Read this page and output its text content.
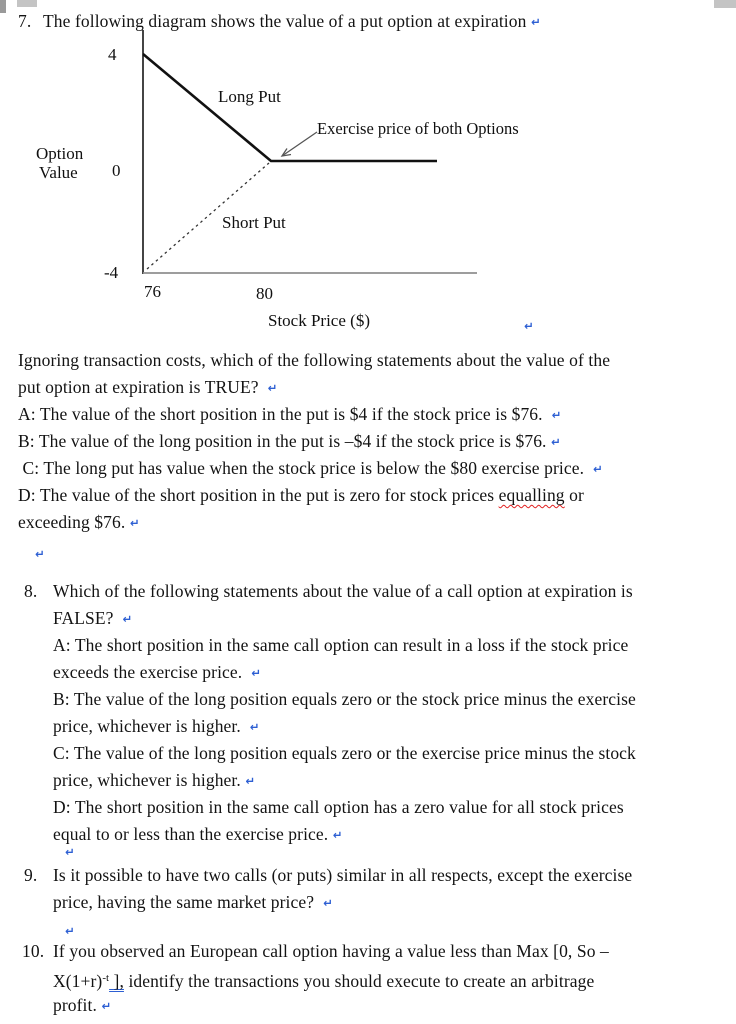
4
0
-4
Option
Value
Long Put
Exercise price of both Options
Short Put
76	80
Stock Price ($)	↵
7. The following diagram shows the value of a put option at expiration ↵
Ignoring transaction costs, which of the following statements about the value of the
put option at expiration is TRUE?  ↵
A: The value of the short position in the put is $4 if the stock price is $76.  ↵
B: The value of the long position in the put is –$4 if the stock price is $76. ↵
C: The long put has value when the stock price is below the $80 exercise price.  ↵
D: The value of the short position in the put is zero for stock prices equalling or
exceeding $76. ↵
↵
8. Which of the following statements about the value of a call option at expiration is
FALSE?  ↵
A: The short position in the same call option can result in a loss if the stock price
exceeds the exercise price.  ↵
B: The value of the long position equals zero or the stock price minus the exercise
price, whichever is higher.  ↵
C: The value of the long position equals zero or the exercise price minus the stock
price, whichever is higher. ↵
D: The short position in the same call option has a zero value for all stock prices
equal to or less than the exercise price. ↵
↵
9. Is it possible to have two calls (or puts) similar in all respects, except the exercise
price, having the same market price?  ↵
↵
10. If you observed an European call option having a value less than Max [0, So –
$X(1+r)^{-t}$ ], identify the transactions you should execute to create an arbitrage
profit. ↵
